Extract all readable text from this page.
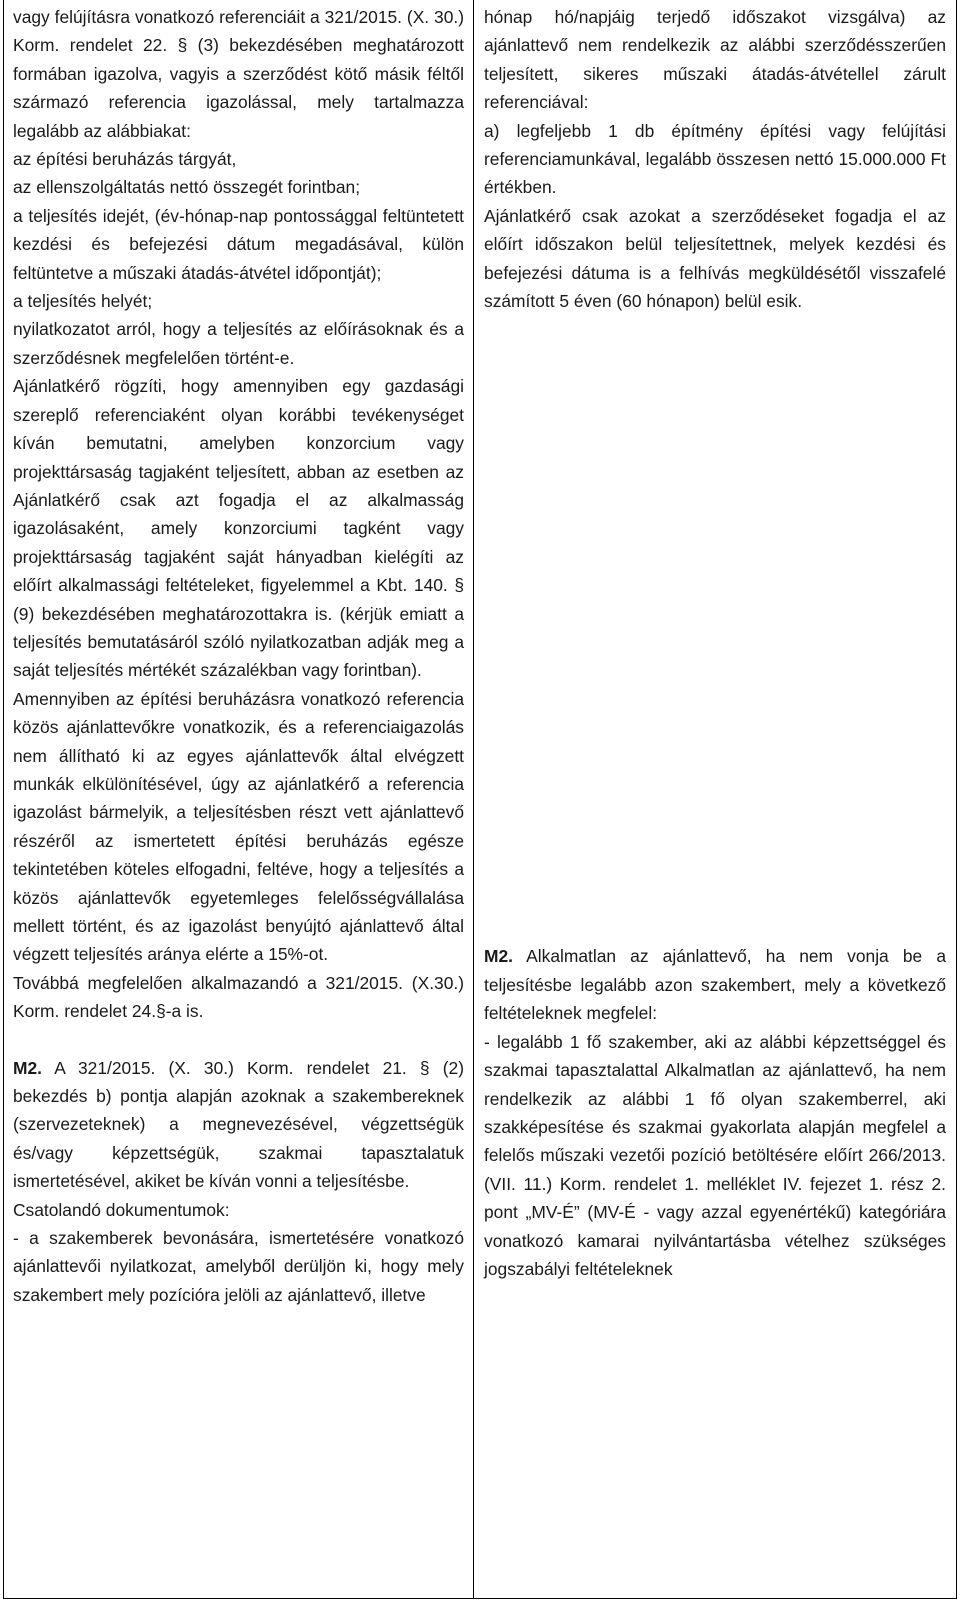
vagy felújításra vonatkozó referenciáit a 321/2015. (X. 30.) Korm. rendelet 22. § (3) bekezdésében meghatározott formában igazolva, vagyis a szerződést kötő másik féltől származó referencia igazolással, mely tartalmazza legalább az alábbiakat:

az építési beruházás tárgyát,

az ellenszolgáltatás nettó összegét forintban;

a teljesítés idejét, (év-hónap-nap pontossággal feltüntetett kezdési és befejezési dátum megadásával, külön feltüntetve a műszaki átadás-átvétel időpontját);

a teljesítés helyét;

nyilatkozatot arról, hogy a teljesítés az előírásoknak és a szerződésnek megfelelően történt-e.

Ajánlatkérő rögzíti, hogy amennyiben egy gazdasági szereplő referenciaként olyan korábbi tevékenységet kíván bemutatni, amelyben konzorcium vagy projekttársaság tagjaként teljesített, abban az esetben az Ajánlatkérő csak azt fogadja el az alkalmasság igazolásaként, amely konzorciumi tagként vagy projekttársaság tagjaként saját hányadban kielégíti az előírt alkalmassági feltételeket, figyelemmel a Kbt. 140. § (9) bekezdésében meghatározottakra is. (kérjük emiatt a teljesítés bemutatásáról szóló nyilatkozatban adják meg a saját teljesítés mértékét százalékban vagy forintban).

Amennyiben az építési beruházásra vonatkozó referencia közös ajánlattevőkre vonatkozik, és a referenciaigazolás nem állítható ki az egyes ajánlattevők által elvégzett munkák elkülönítésével, úgy az ajánlatkérő a referencia igazolást bármelyik, a teljesítésben részt vett ajánlattevő részéről az ismertetett építési beruházás egésze tekintetében köteles elfogadni, feltéve, hogy a teljesítés a közös ajánlattevők egyetemleges felelősségvállalása mellett történt, és az igazolást benyújtó ajánlattevő által végzett teljesítés aránya elérte a 15%-ot.

Továbbá megfelelően alkalmazandó a 321/2015. (X.30.) Korm. rendelet 24.§-a is.

M2. A 321/2015. (X. 30.) Korm. rendelet 21. § (2) bekezdés b) pontja alapján azoknak a szakembereknek (szervezeteknek) a megnevezésével, végzettségük és/vagy képzettségük, szakmai tapasztalatuk ismertetésével, akiket be kíván vonni a teljesítésbe.

Csatolandó dokumentumok:

- a szakemberek bevonására, ismertetésére vonatkozó ajánlattevői nyilatkozat, amelyből derüljön ki, hogy mely szakembert mely pozícióra jelöli az ajánlattevő, illetve

hónap hó/napjáig terjedő időszakot vizsgálva) az ajánlattevő nem rendelkezik az alábbi szerződésszerűen teljesített, sikeres műszaki átadás-átvétellel zárult referenciával:

a) legfeljebb 1 db építmény építési vagy felújítási referenciamunkával, legalább összesen nettó 15.000.000 Ft értékben.

Ajánlatkérő csak azokat a szerződéseket fogadja el az előírt időszakon belül teljesítettnek, melyek kezdési és befejezési dátuma is a felhívás megküldésétől visszafelé számított 5 éven (60 hónapon) belül esik.

M2. Alkalmatlan az ajánlattevő, ha nem vonja be a teljesítésbe legalább azon szakembert, mely a következő feltételeknek megfelel:

- legalább 1 fő szakember, aki az alábbi képzettséggel és szakmai tapasztalattal Alkalmatlan az ajánlattevő, ha nem rendelkezik az alábbi 1 fő olyan szakemberrel, aki szakképesítése és szakmai gyakorlata alapján megfelel a felelős műszaki vezetői pozíció betöltésére előírt 266/2013. (VII. 11.) Korm. rendelet 1. melléklet IV. fejezet 1. rész 2. pont „MV-É” (MV-É - vagy azzal egyenértékű) kategóriára vonatkozó kamarai nyilvántartásba vételhez szükséges jogszabályi feltételeknek
